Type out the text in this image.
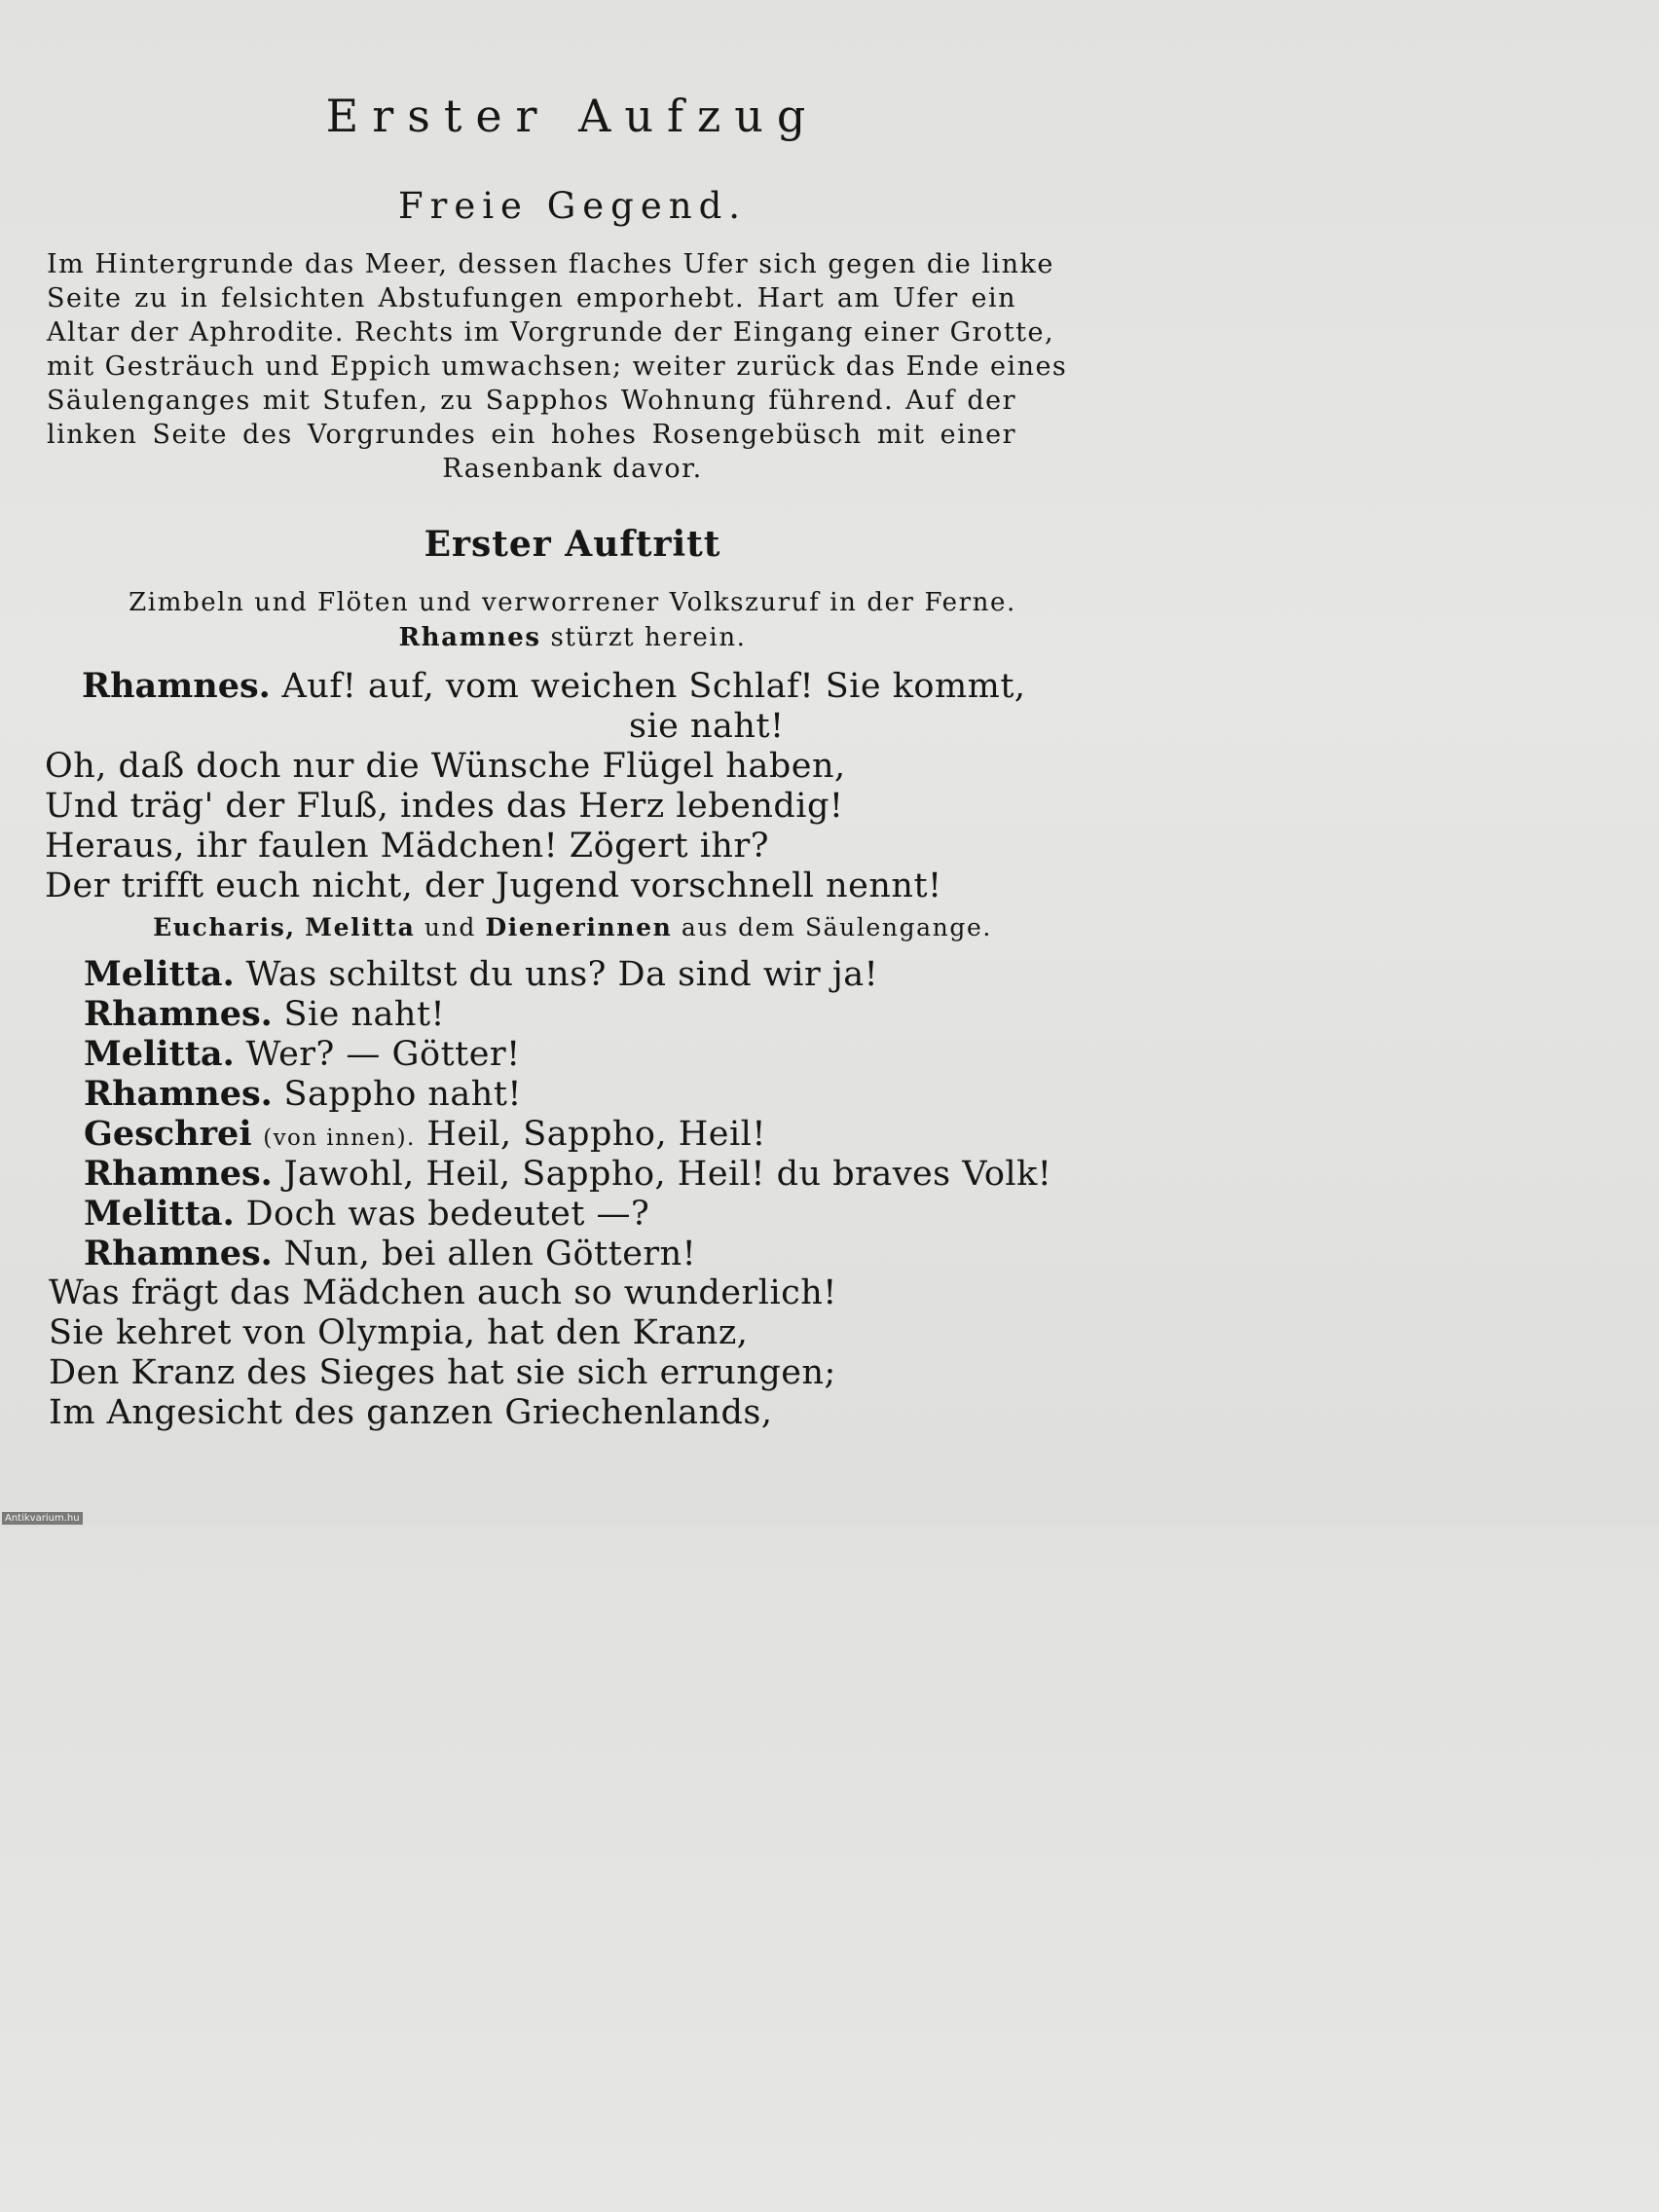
Erster Aufzug
Freie Gegend.
Im Hintergrunde das Meer, dessen flaches Ufer sich gegen die linke
Seite zu in felsichten Abstufungen emporhebt. Hart am Ufer ein
Altar der Aphrodite. Rechts im Vorgrunde der Eingang einer Grotte,
mit Gesträuch und Eppich umwachsen; weiter zurück das Ende eines
Säulenganges mit Stufen, zu Sapphos Wohnung führend. Auf der
linken Seite des Vorgrundes ein hohes Rosengebüsch mit einer
Rasenbank davor.
Erster Auftritt
Zimbeln und Flöten und verworrener Volkszuruf in der Ferne.
Rhamnes stürzt herein.
Rhamnes. Auf! auf, vom weichen Schlaf! Sie kommt,
sie naht!
Oh, daß doch nur die Wünsche Flügel haben,
Und träg' der Fluß, indes das Herz lebendig!
Heraus, ihr faulen Mädchen! Zögert ihr?
Der trifft euch nicht, der Jugend vorschnell nennt!
Eucharis, Melitta und Dienerinnen aus dem Säulengange.
Melitta. Was schiltst du uns? Da sind wir ja!
Rhamnes. Sie naht!
Melitta. Wer? — Götter!
Rhamnes. Sappho naht!
Geschrei (von innen). Heil, Sappho, Heil!
Rhamnes. Jawohl, Heil, Sappho, Heil! du braves Volk!
Melitta. Doch was bedeutet —?
Rhamnes. Nun, bei allen Göttern!
Was frägt das Mädchen auch so wunderlich!
Sie kehret von Olympia, hat den Kranz,
Den Kranz des Sieges hat sie sich errungen;
Im Angesicht des ganzen Griechenlands,
Antikvarium.hu
